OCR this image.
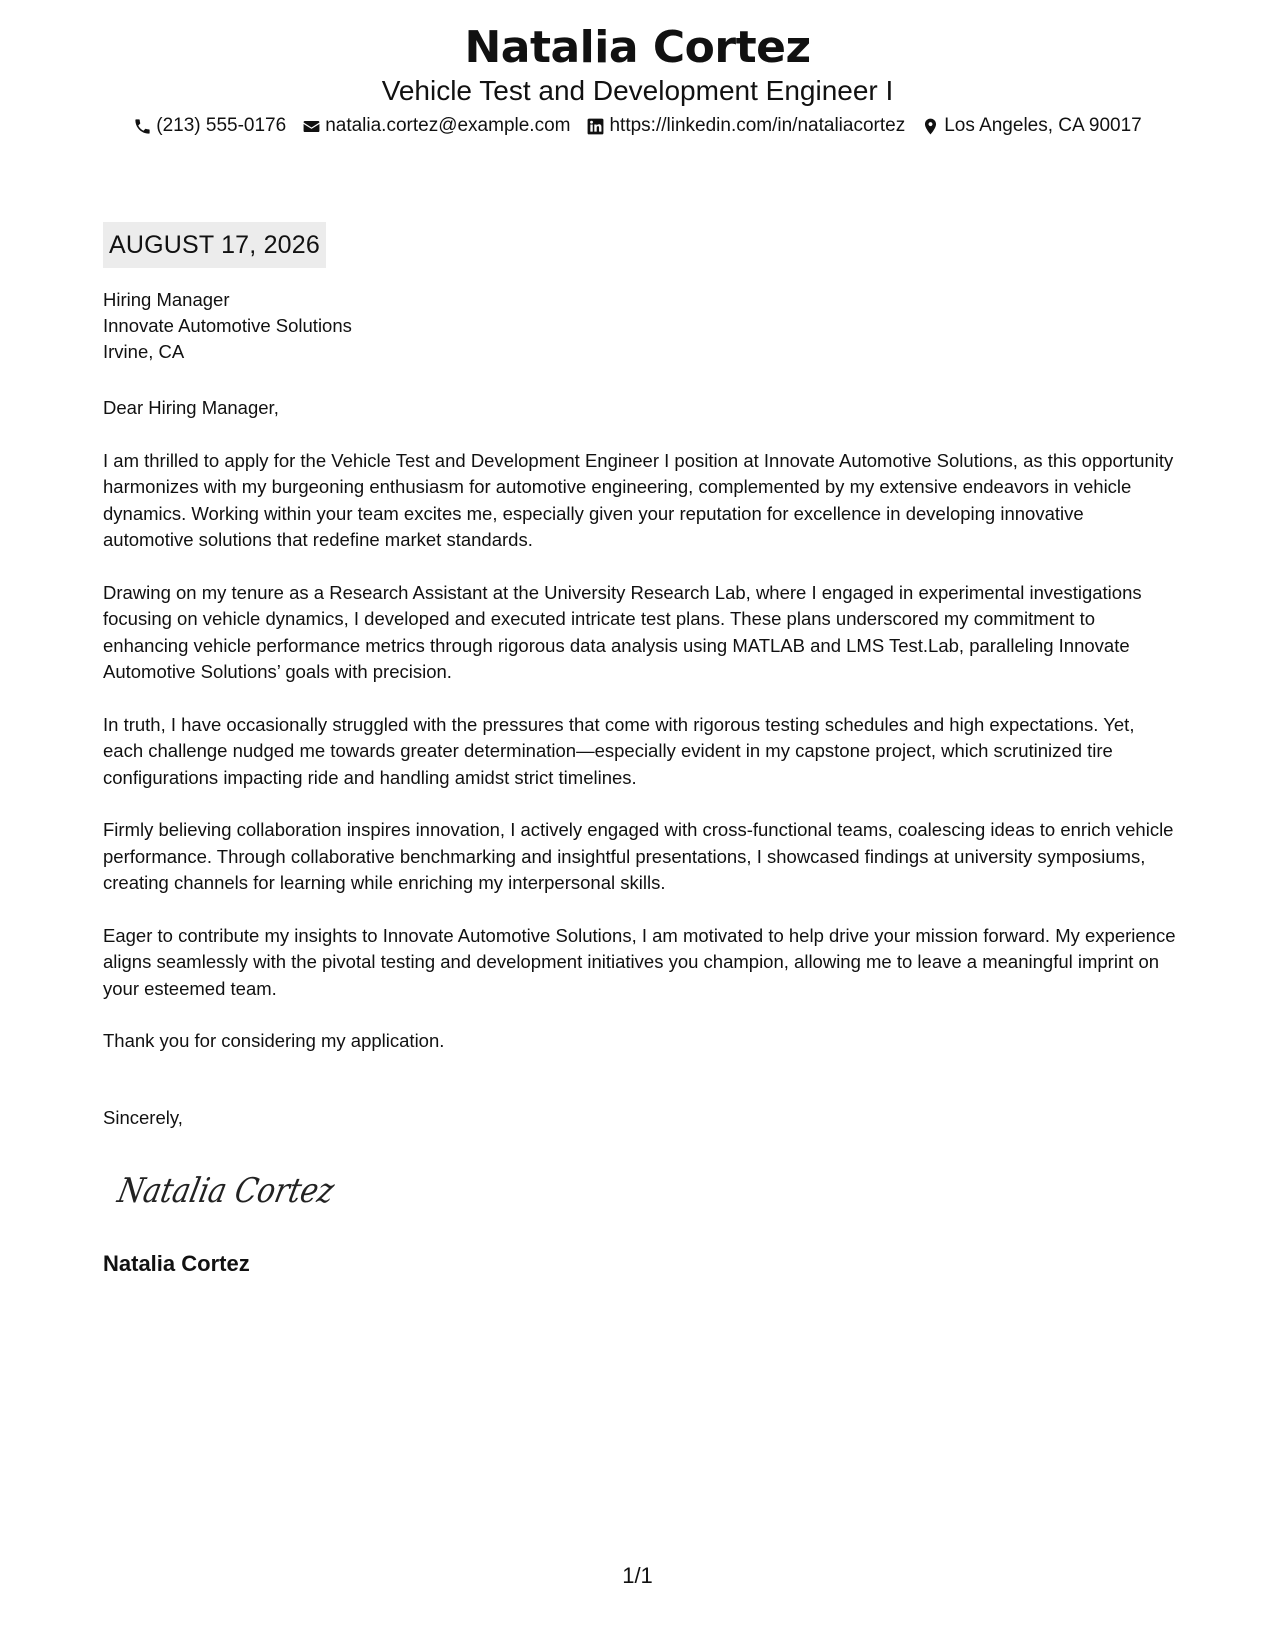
Natalia Cortez
Vehicle Test and Development Engineer I
(213) 555-0176 natalia.cortez@example.com https://linkedin.com/in/nataliacortez Los Angeles, CA 90017
AUGUST 17, 2026
Hiring Manager
Innovate Automotive Solutions
Irvine, CA

Dear Hiring Manager,

I am thrilled to apply for the Vehicle Test and Development Engineer I position at Innovate Automotive Solutions, as this opportunity harmonizes with my burgeoning enthusiasm for automotive engineering, complemented by my extensive endeavors in vehicle dynamics. Working within your team excites me, especially given your reputation for excellence in developing innovative automotive solutions that redefine market standards.

Drawing on my tenure as a Research Assistant at the University Research Lab, where I engaged in experimental investigations focusing on vehicle dynamics, I developed and executed intricate test plans. These plans underscored my commitment to enhancing vehicle performance metrics through rigorous data analysis using MATLAB and LMS Test.Lab, paralleling Innovate Automotive Solutions’ goals with precision.

In truth, I have occasionally struggled with the pressures that come with rigorous testing schedules and high expectations. Yet, each challenge nudged me towards greater determination—especially evident in my capstone project, which scrutinized tire configurations impacting ride and handling amidst strict timelines.

Firmly believing collaboration inspires innovation, I actively engaged with cross-functional teams, coalescing ideas to enrich vehicle performance. Through collaborative benchmarking and insightful presentations, I showcased findings at university symposiums, creating channels for learning while enriching my interpersonal skills.

Eager to contribute my insights to Innovate Automotive Solutions, I am motivated to help drive your mission forward. My experience aligns seamlessly with the pivotal testing and development initiatives you champion, allowing me to leave a meaningful imprint on your esteemed team.

Thank you for considering my application.

Sincerely,
Natalia Cortez
Natalia Cortez
1/1
